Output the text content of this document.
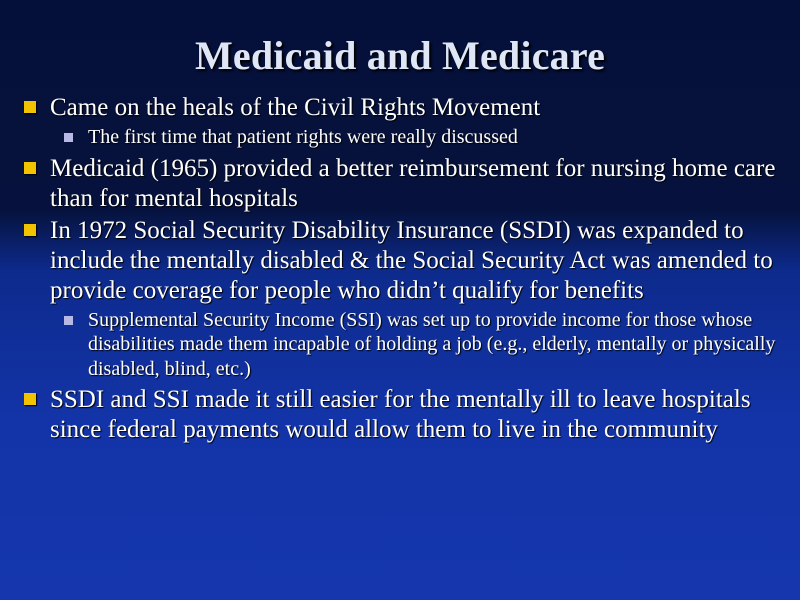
Medicaid and Medicare
Came on the heals of the Civil Rights Movement
The first time that patient rights were really discussed
Medicaid (1965) provided a better reimbursement for nursing home care than for mental hospitals
In 1972 Social Security Disability Insurance (SSDI) was expanded to include the mentally disabled & the Social Security Act was amended to provide coverage for people who didn’t qualify for benefits
Supplemental Security Income (SSI) was set up to provide income for those whose disabilities made them incapable of holding a job (e.g., elderly, mentally or physically disabled, blind, etc.)
SSDI and SSI made it still easier for the mentally ill to leave hospitals since federal payments would allow them to live in the community
